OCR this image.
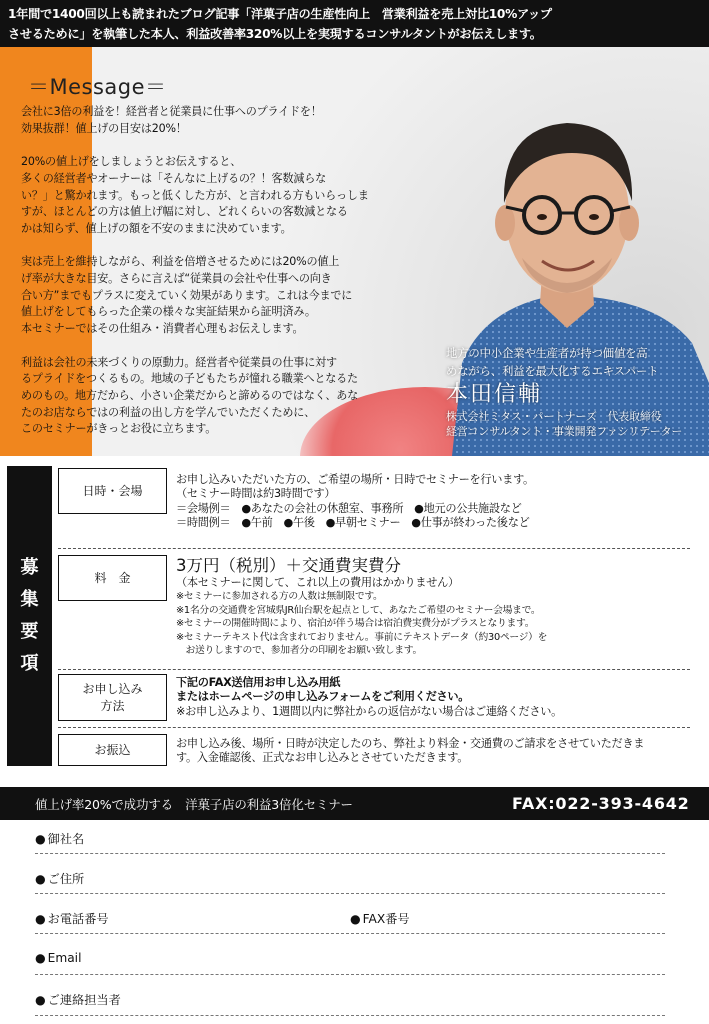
1年間で1400回以上も読まれたブログ記事「洋菓子店の生産性向上　営業利益を売上対比10%アップ
させるために」を執筆した本人、利益改善率320%以上を実現するコンサルタントがお伝えします。
＝Message＝

会社に3倍の利益を！経営者と従業員に仕事へのプライドを！
効果抜群！値上げの目安は20%！

20%の値上げをしましょうとお伝えすると、
多くの経営者やオーナーは「そんなに上げるの？！客数減らな
い？」と驚かれます。もっと低くした方が、と言われる方もいらっしま
すが、ほとんどの方は値上げ幅に対し、どれくらいの客数減となる
かは知らず、値上げの額を不安のままに決めています。

実は売上を維持しながら、利益を倍増させるためには20%の値上
げ率が大きな目安。さらに言えば“従業員の会社や仕事への向き
合い方”までもプラスに変えていく効果があります。これは今までに
値上げをしてもらった企業の様々な実証結果から証明済み。
本セミナーではその仕組み・消費者心理もお伝えします。

利益は会社の未来づくりの原動力。経営者や従業員の仕事に対す
るプライドをつくるもの。地域の子どもたちが憧れる職業へとなるた
めのもの。地方だから、小さい企業だからと諦めるのではなく、あな
たのお店ならではの利益の出し方を学んでいただくために、
このセミナーがきっとお役に立ちます。

地方の中小企業や生産者が持つ価値を高
めながら、利益を最大化するエキスパート
本田信輔
株式会社ミタス・パートナーズ　代表取締役
経営コンサルタント・事業開発ファシリテーター
募
集
要
項
日時・会場
お申し込みいただいた方の、ご希望の場所・日時でセミナーを行います。
（セミナー時間は約3時間です）
＝会場例＝　●あなたの会社の休憩室、事務所　●地元の公共施設など
＝時間例＝　●午前　●午後　●早朝セミナー　●仕事が終わった後など
料　金
3万円（税別）＋交通費実費分
（本セミナーに関して、これ以上の費用はかかりません）
※セミナーに参加される方の人数は無制限です。
※1名分の交通費を宮城県JR仙台駅を起点として、あなたご希望のセミナー会場まで。
※セミナーの開催時間により、宿泊が伴う場合は宿泊費実費分がプラスとなります。
※セミナーテキスト代は含まれておりません。事前にテキストデータ（約30ページ）を
　お送りしますので、参加者分の印刷をお願い致します。
お申し込み
方法
下記のFAX送信用お申し込み用紙
またはホームページの申し込みフォームをご利用ください。
※お申し込みより、1週間以内に弊社からの返信がない場合はご連絡ください。
お振込	お申し込み後、場所・日時が決定したのち、弊社より料金・交通費のご請求をさせていただきま
す。入金確認後、正式なお申し込みとさせていただきます。
値上げ率20%で成功する　洋菓子店の利益3倍化セミナー	FAX:022-393-4642
● 御社名
● ご住所
● お電話番号	● FAX番号
● Email
● ご連絡担当者
